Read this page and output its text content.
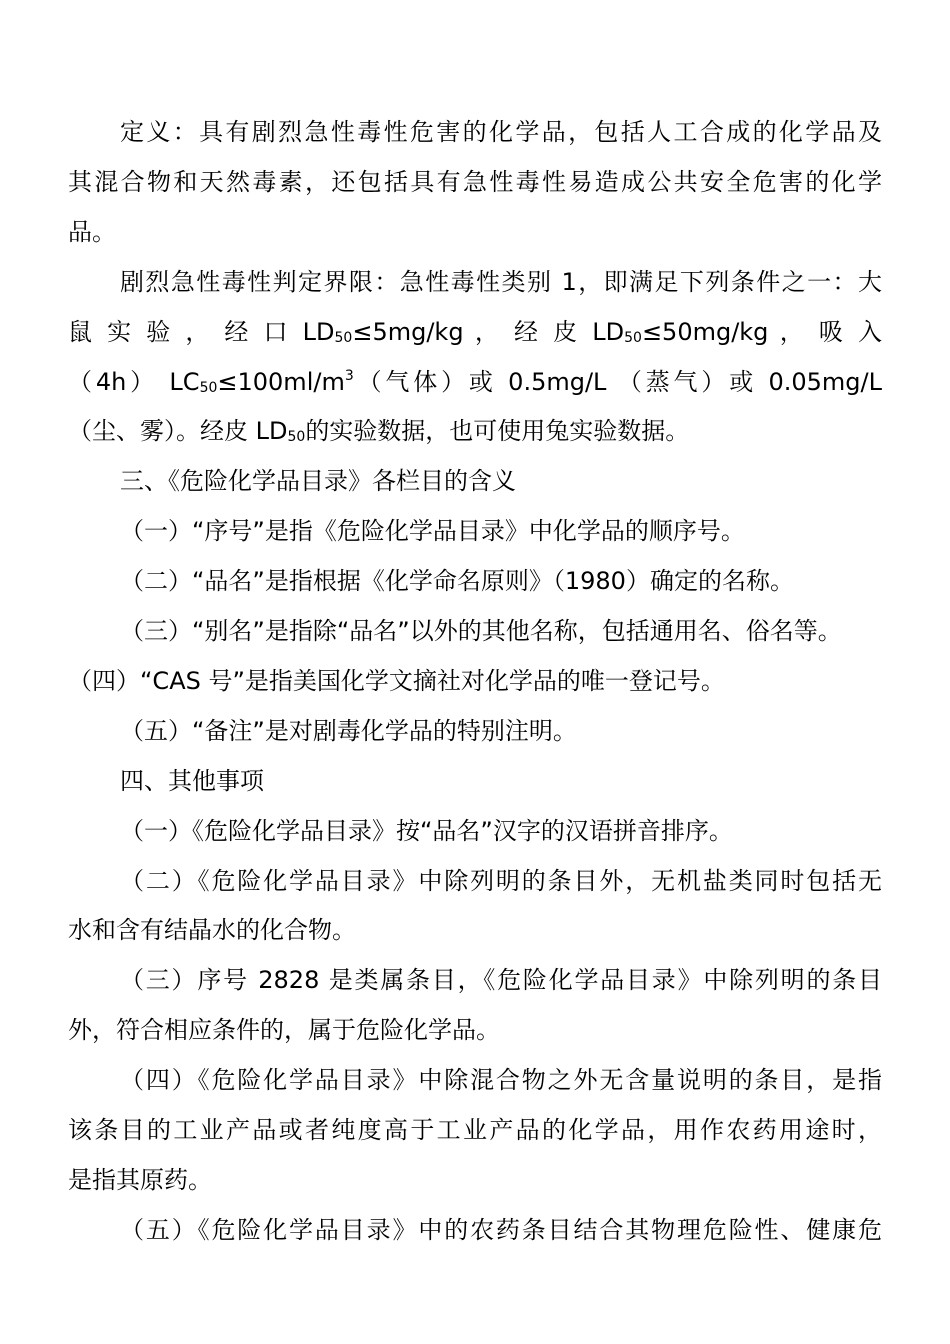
定义：具有剧烈急性毒性危害的化学品，包括人工合成的化学品及
其混合物和天然毒素，还包括具有急性毒性易造成公共安全危害的化学
品。
剧烈急性毒性判定界限：急性毒性类别 1，即满足下列条件之一：大
鼠 实 验 ， 经 口 $LD_{50}\le 5mg/kg$ ， 经 皮 $LD_{50}\le 50mg/kg$ ， 吸 入
（4h） $LC_{50}\le 100ml/m^3$（气体）或 0.5mg/L （蒸气）或 0.05mg/L
（尘、雾）。经皮 $LD_{50}$的实验数据，也可使用兔实验数据。
三、《危险化学品目录》各栏目的含义
（一）“序号”是指《危险化学品目录》中化学品的顺序号。
（二）“品名”是指根据《化学命名原则》（1980）确定的名称。
（三）“别名”是指除“品名”以外的其他名称，包括通用名、俗名等。
（四）“CAS 号”是指美国化学文摘社对化学品的唯一登记号。
（五）“备注”是对剧毒化学品的特别注明。
四、其他事项
（一）《危险化学品目录》按“品名”汉字的汉语拼音排序。
（二）《危险化学品目录》中除列明的条目外，无机盐类同时包括无
水和含有结晶水的化合物。
（三）序号 2828 是类属条目，《危险化学品目录》中除列明的条目
外，符合相应条件的，属于危险化学品。
（四）《危险化学品目录》中除混合物之外无含量说明的条目，是指
该条目的工业产品或者纯度高于工业产品的化学品，用作农药用途时，
是指其原药。
（五）《危险化学品目录》中的农药条目结合其物理危险性、健康危
